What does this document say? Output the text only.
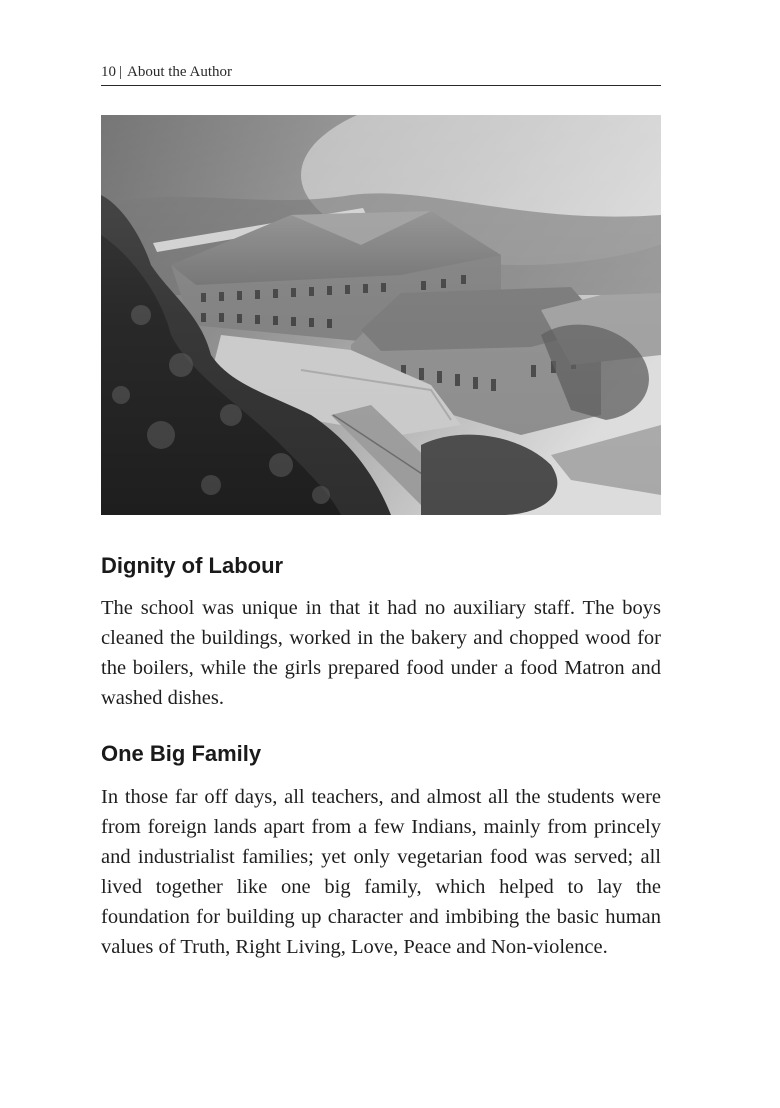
10 | About the Author
Dignity of Labour

The school was unique in that it had no auxiliary staff. The boys cleaned the buildings, worked in the bakery and chopped wood for the boilers, while the girls prepared food under a food Matron and washed dishes.

One Big Family

In those far off days, all teachers, and almost all the students were from foreign lands apart from a few Indians, mainly from princely and industrialist families; yet only vegetarian food was served; all lived together like one big family, which helped to lay the foundation for building up character and imbibing the basic human values of Truth, Right Living, Love, Peace and Non-violence.
